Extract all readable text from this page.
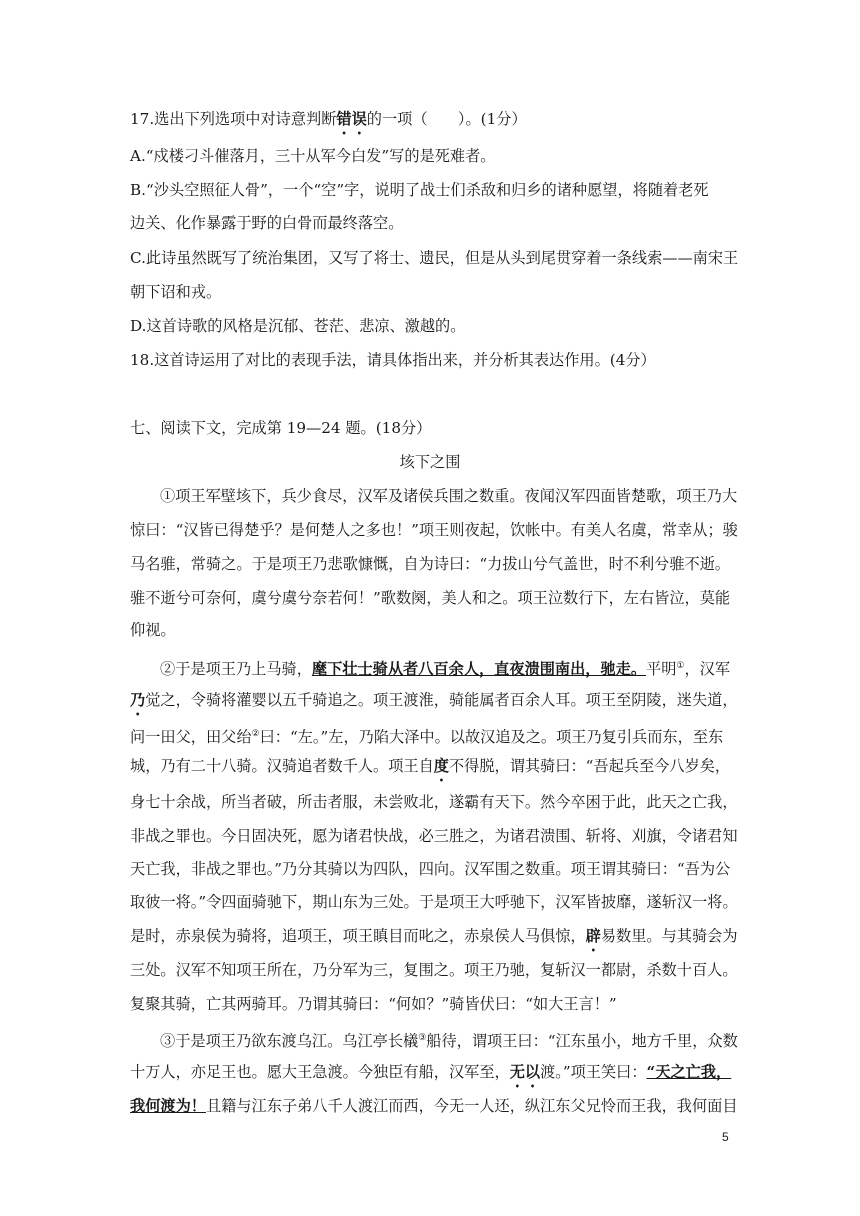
17.选出下列选项中对诗意判断错误的一项（　　）。(1分）
A.“戍楼刁斗催落月，三十从军今白发”写的是死难者。
B.“沙头空照征人骨”，一个“空”字，说明了战士们杀敌和归乡的诸种愿望，将随着老死
边关、化作暴露于野的白骨而最终落空。
C.此诗虽然既写了统治集团，又写了将士、遗民，但是从头到尾贯穿着一条线索——南宋王
朝下诏和戎。
D.这首诗歌的风格是沉郁、苍茫、悲凉、激越的。
18.这首诗运用了对比的表现手法，请具体指出来，并分析其表达作用。(4分）
七、阅读下文，完成第 19—24 题。(18分）
垓下之围
①项王军壁垓下，兵少食尽，汉军及诸侯兵围之数重。夜闻汉军四面皆楚歌，项王乃大
惊曰：“汉皆已得楚乎？是何楚人之多也！”项王则夜起，饮帐中。有美人名虞，常幸从；骏
马名骓，常骑之。于是项王乃悲歌慷慨，自为诗曰：“力拔山兮气盖世，时不利兮骓不逝。
骓不逝兮可奈何，虞兮虞兮奈若何！”歌数阕，美人和之。项王泣数行下，左右皆泣，莫能
仰视。
②于是项王乃上马骑，麾下壮士骑从者八百余人，直夜溃围南出，驰走。平明①，汉军
乃觉之，令骑将灌婴以五千骑追之。项王渡淮，骑能属者百余人耳。项王至阴陵，迷失道，
问一田父，田父绐②曰：“左。”左，乃陷大泽中。以故汉追及之。项王乃复引兵而东，至东
城，乃有二十八骑。汉骑追者数千人。项王自度不得脱，谓其骑曰：“吾起兵至今八岁矣，
身七十余战，所当者破，所击者服，未尝败北，遂霸有天下。然今卒困于此，此天之亡我，
非战之罪也。今日固决死，愿为诸君快战，必三胜之，为诸君溃围、斩将、刈旗，令诸君知
天亡我，非战之罪也。”乃分其骑以为四队，四向。汉军围之数重。项王谓其骑曰：“吾为公
取彼一将。”令四面骑驰下，期山东为三处。于是项王大呼驰下，汉军皆披靡，遂斩汉一将。
是时，赤泉侯为骑将，追项王，项王瞋目而叱之，赤泉侯人马俱惊，辟易数里。与其骑会为
三处。汉军不知项王所在，乃分军为三，复围之。项王乃驰，复斩汉一都尉，杀数十百人。
复聚其骑，亡其两骑耳。乃谓其骑曰：“何如？”骑皆伏曰：“如大王言！”
③于是项王乃欲东渡乌江。乌江亭长檥③船待，谓项王曰：“江东虽小，地方千里，众数
十万人，亦足王也。愿大王急渡。今独臣有船，汉军至，无以渡。”项王笑曰：“天之亡我，
我何渡为！且籍与江东子弟八千人渡江而西，今无一人还，纵江东父兄怜而王我，我何面目
5
